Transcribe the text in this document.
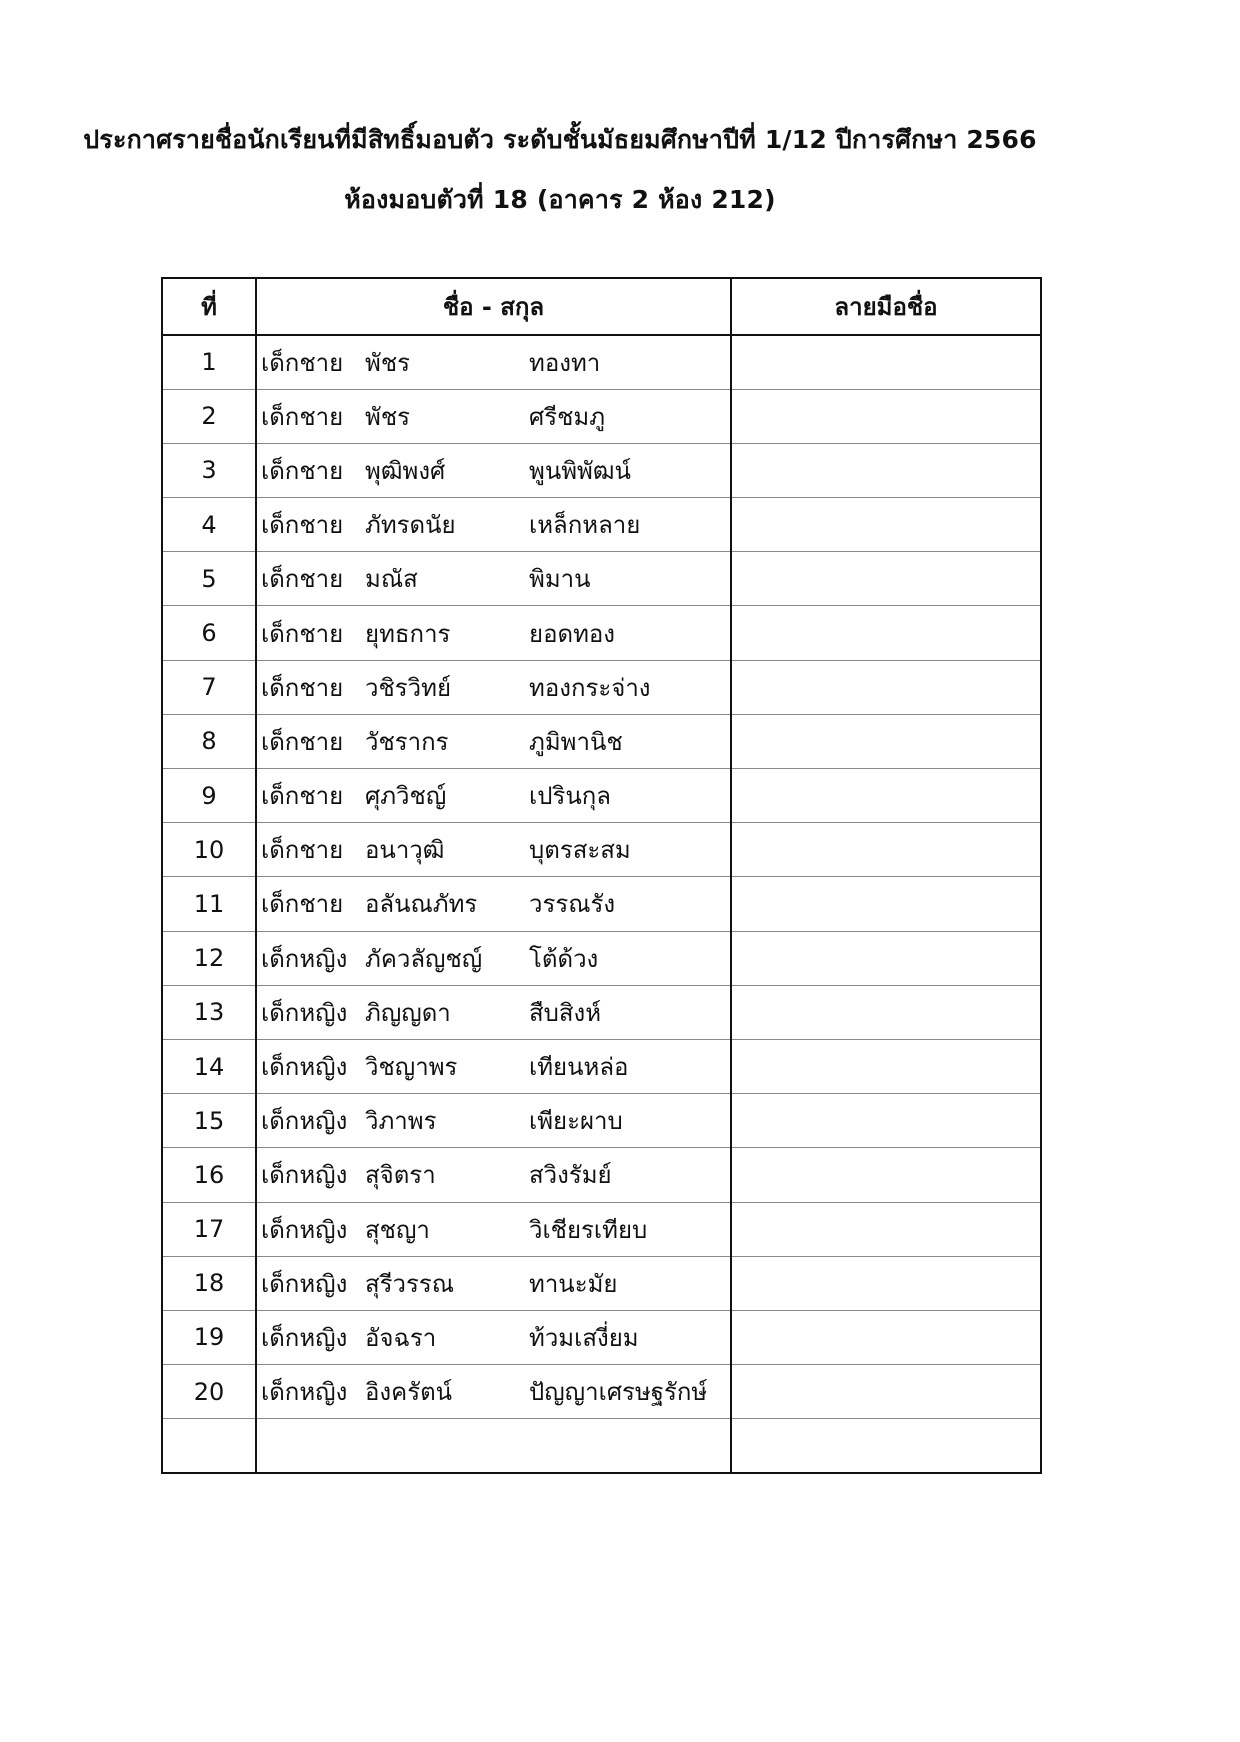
ประกาศรายชื่อนักเรียนที่มีสิทธิ์มอบตัว ระดับชั้นมัธยมศึกษาปีที่ 1/12 ปีการศึกษา 2566
ห้องมอบตัวที่ 18 (อาคาร 2 ห้อง 212)
ที่	ชื่อ - สกุล	ลายมือชื่อ
1	เด็กชาย พัชร ทองทา	

2	เด็กชาย พัชร ศรีชมภู	

3	เด็กชาย พุฒิพงศ์ พูนพิพัฒน์	

4	เด็กชาย ภัทรดนัย เหล็กหลาย	

5	เด็กชาย มณัส พิมาน	

6	เด็กชาย ยุทธการ ยอดทอง	

7	เด็กชาย วชิรวิทย์ ทองกระจ่าง	

8	เด็กชาย วัชรากร ภูมิพานิช	

9	เด็กชาย ศุภวิชญ์ เปรินกุล	

10	เด็กชาย อนาวุฒิ บุตรสะสม	

11	เด็กชาย อลันณภัทร วรรณรัง	

12	เด็กหญิง ภัควลัญชญ์ โต้ด้วง	

13	เด็กหญิง ภิญญดา สืบสิงห์	

14	เด็กหญิง วิชญาพร เทียนหล่อ	

15	เด็กหญิง วิภาพร เพียะผาบ	

16	เด็กหญิง สุจิตรา สวิงรัมย์	

17	เด็กหญิง สุชญา วิเชียรเทียบ	

18	เด็กหญิง สุรีวรรณ ทานะมัย	

19	เด็กหญิง อัจฉรา ท้วมเสงี่ยม	

20	เด็กหญิง อิงครัตน์ ปัญญาเศรษฐรักษ์	
